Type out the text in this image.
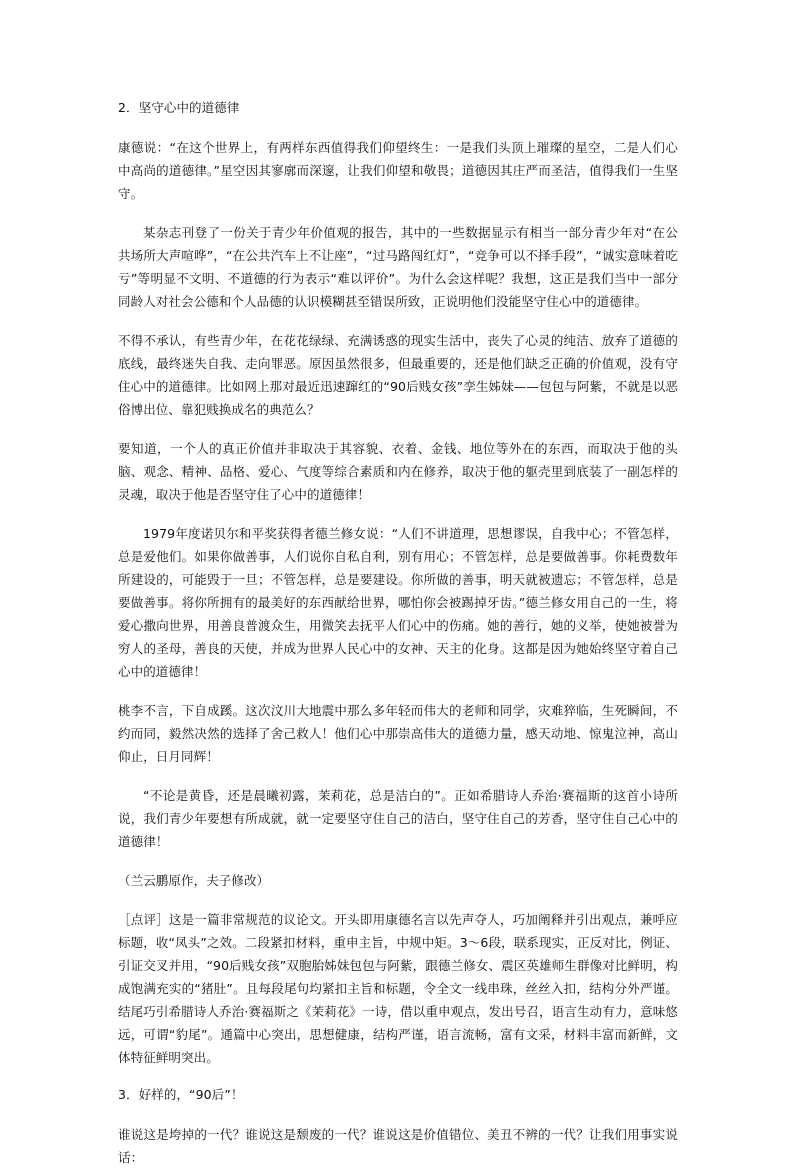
2．坚守心中的道德律

康德说：“在这个世界上，有两样东西值得我们仰望终生：一是我们头顶上璀璨的星空，二是人们心中高尚的道德律。”星空因其寥廓而深邃，让我们仰望和敬畏；道德因其庄严而圣洁，值得我们一生坚守。

某杂志刊登了一份关于青少年价值观的报告，其中的一些数据显示有相当一部分青少年对“在公共场所大声喧哗”，“在公共汽车上不让座”，“过马路闯红灯”，“竞争可以不择手段”，“诚实意味着吃亏”等明显不文明、不道德的行为表示“难以评价”。为什么会这样呢？我想，这正是我们当中一部分同龄人对社会公德和个人品德的认识模糊甚至错误所致，正说明他们没能坚守住心中的道德律。

不得不承认，有些青少年，在花花绿绿、充满诱惑的现实生活中，丧失了心灵的纯洁、放弃了道德的底线，最终迷失自我、走向罪恶。原因虽然很多，但最重要的，还是他们缺乏正确的价值观，没有守住心中的道德律。比如网上那对最近迅速蹿红的“90后贱女孩”孪生姊妹——包包与阿紫，不就是以恶俗博出位、靠犯贱换成名的典范么？

要知道，一个人的真正价值并非取决于其容貌、衣着、金钱、地位等外在的东西，而取决于他的头脑、观念、精神、品格、爱心、气度等综合素质和内在修养，取决于他的躯壳里到底装了一副怎样的灵魂，取决于他是否坚守住了心中的道德律！

1979年度诺贝尔和平奖获得者德兰修女说：“人们不讲道理，思想谬误，自我中心；不管怎样，总是爱他们。如果你做善事，人们说你自私自利，别有用心；不管怎样，总是要做善事。你耗费数年所建设的，可能毁于一旦；不管怎样，总是要建设。你所做的善事，明天就被遗忘；不管怎样，总是要做善事。将你所拥有的最美好的东西献给世界，哪怕你会被踢掉牙齿。”德兰修女用自己的一生，将爱心撒向世界，用善良普渡众生，用微笑去抚平人们心中的伤痛。她的善行，她的义举，使她被誉为穷人的圣母，善良的天使，并成为世界人民心中的女神、天主的化身。这都是因为她始终坚守着自己心中的道德律！

桃李不言，下自成蹊。这次汶川大地震中那么多年轻而伟大的老师和同学，灾难猝临，生死瞬间，不约而同，毅然决然的选择了舍己救人！他们心中那崇高伟大的道德力量，感天动地、惊鬼泣神，高山仰止，日月同辉！

“不论是黄昏，还是晨曦初露，茉莉花，总是洁白的”。正如希腊诗人乔治·赛福斯的这首小诗所说，我们青少年要想有所成就，就一定要坚守住自己的洁白，坚守住自己的芳香，坚守住自己心中的道德律！

（兰云鹏原作，夫子修改）

［点评］这是一篇非常规范的议论文。开头即用康德名言以先声夺人，巧加阐释并引出观点，兼呼应标题，收“凤头”之效。二段紧扣材料，重申主旨，中规中矩。3～6段，联系现实，正反对比，例证、引证交叉并用，“90后贱女孩”双胞胎姊妹包包与阿紫，跟德兰修女、震区英雄师生群像对比鲜明，构成饱满充实的“猪肚”。且每段尾句均紧扣主旨和标题，令全文一线串珠，丝丝入扣，结构分外严谨。结尾巧引希腊诗人乔治·赛福斯之《茉莉花》一诗，借以重申观点，发出号召，语言生动有力，意味悠远，可谓“豹尾”。通篇中心突出，思想健康，结构严谨，语言流畅，富有文采，材料丰富而新鲜，文体特征鲜明突出。

3．好样的，“90后”！

谁说这是垮掉的一代？谁说这是颓废的一代？谁说这是价值错位、美丑不辨的一代？让我们用事实说话：
